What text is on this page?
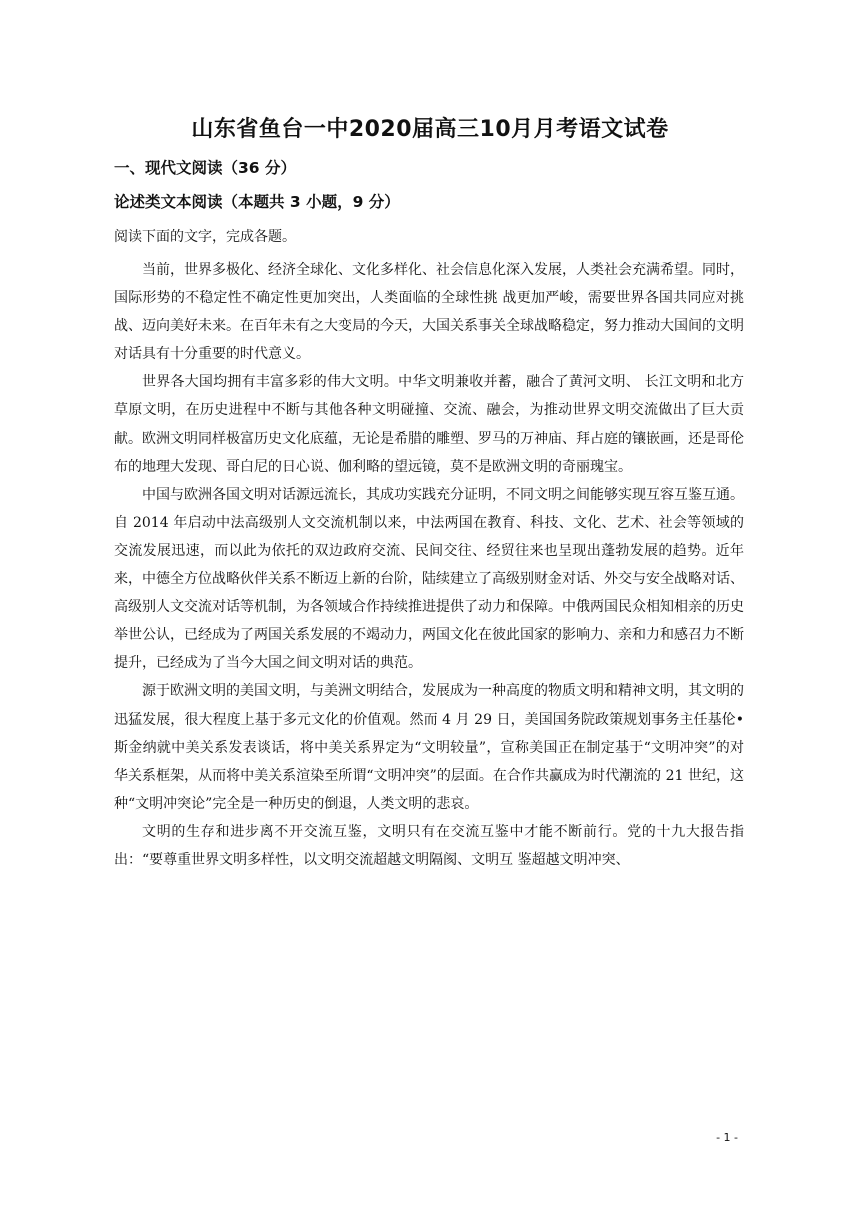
山东省鱼台一中2020届高三10月月考语文试卷
一、现代文阅读（36 分）
论述类文本阅读（本题共 3 小题，9 分）
阅读下面的文字，完成各题。

当前，世界多极化、经济全球化、文化多样化、社会信息化深入发展，人类社会充满希望。同时，国际形势的不稳定性不确定性更加突出，人类面临的全球性挑 战更加严峻，需要世界各国共同应对挑战、迈向美好未来。在百年未有之大变局的今天，大国关系事关全球战略稳定，努力推动大国间的文明对话具有十分重要的时代意义。

世界各大国均拥有丰富多彩的伟大文明。中华文明兼收并蓄，融合了黄河文明、 长江文明和北方草原文明，在历史进程中不断与其他各种文明碰撞、交流、融会，为推动世界文明交流做出了巨大贡献。欧洲文明同样极富历史文化底蕴，无论是希腊的雕塑、罗马的万神庙、拜占庭的镶嵌画，还是哥伦布的地理大发现、哥白尼的日心说、伽利略的望远镜，莫不是欧洲文明的奇丽瑰宝。

中国与欧洲各国文明对话源远流长，其成功实践充分证明，不同文明之间能够实现互容互鉴互通。自 2014 年启动中法高级别人文交流机制以来，中法两国在教育、科技、文化、艺术、社会等领域的交流发展迅速，而以此为依托的双边政府交流、民间交往、经贸往来也呈现出蓬勃发展的趋势。近年来，中德全方位战略伙伴关系不断迈上新的台阶，陆续建立了高级别财金对话、外交与安全战略对话、高级别人文交流对话等机制，为各领域合作持续推进提供了动力和保障。中俄两国民众相知相亲的历史举世公认，已经成为了两国关系发展的不竭动力，两国文化在彼此国家的影响力、亲和力和感召力不断提升，已经成为了当今大国之间文明对话的典范。

源于欧洲文明的美国文明，与美洲文明结合，发展成为一种高度的物质文明和精神文明，其文明的迅猛发展，很大程度上基于多元文化的价值观。然而 4 月 29 日，美国国务院政策规划事务主任基伦•斯金纳就中美关系发表谈话，将中美关系界定为“文明较量”，宣称美国正在制定基于“文明冲突”的对华关系框架，从而将中美关系渲染至所谓“文明冲突”的层面。在合作共赢成为时代潮流的 21 世纪，这种“文明冲突论”完全是一种历史的倒退，人类文明的悲哀。

文明的生存和进步离不开交流互鉴，文明只有在交流互鉴中才能不断前行。党的十九大报告指出：“要尊重世界文明多样性，以文明交流超越文明隔阂、文明互 鉴超越文明冲突、

- 1 -
